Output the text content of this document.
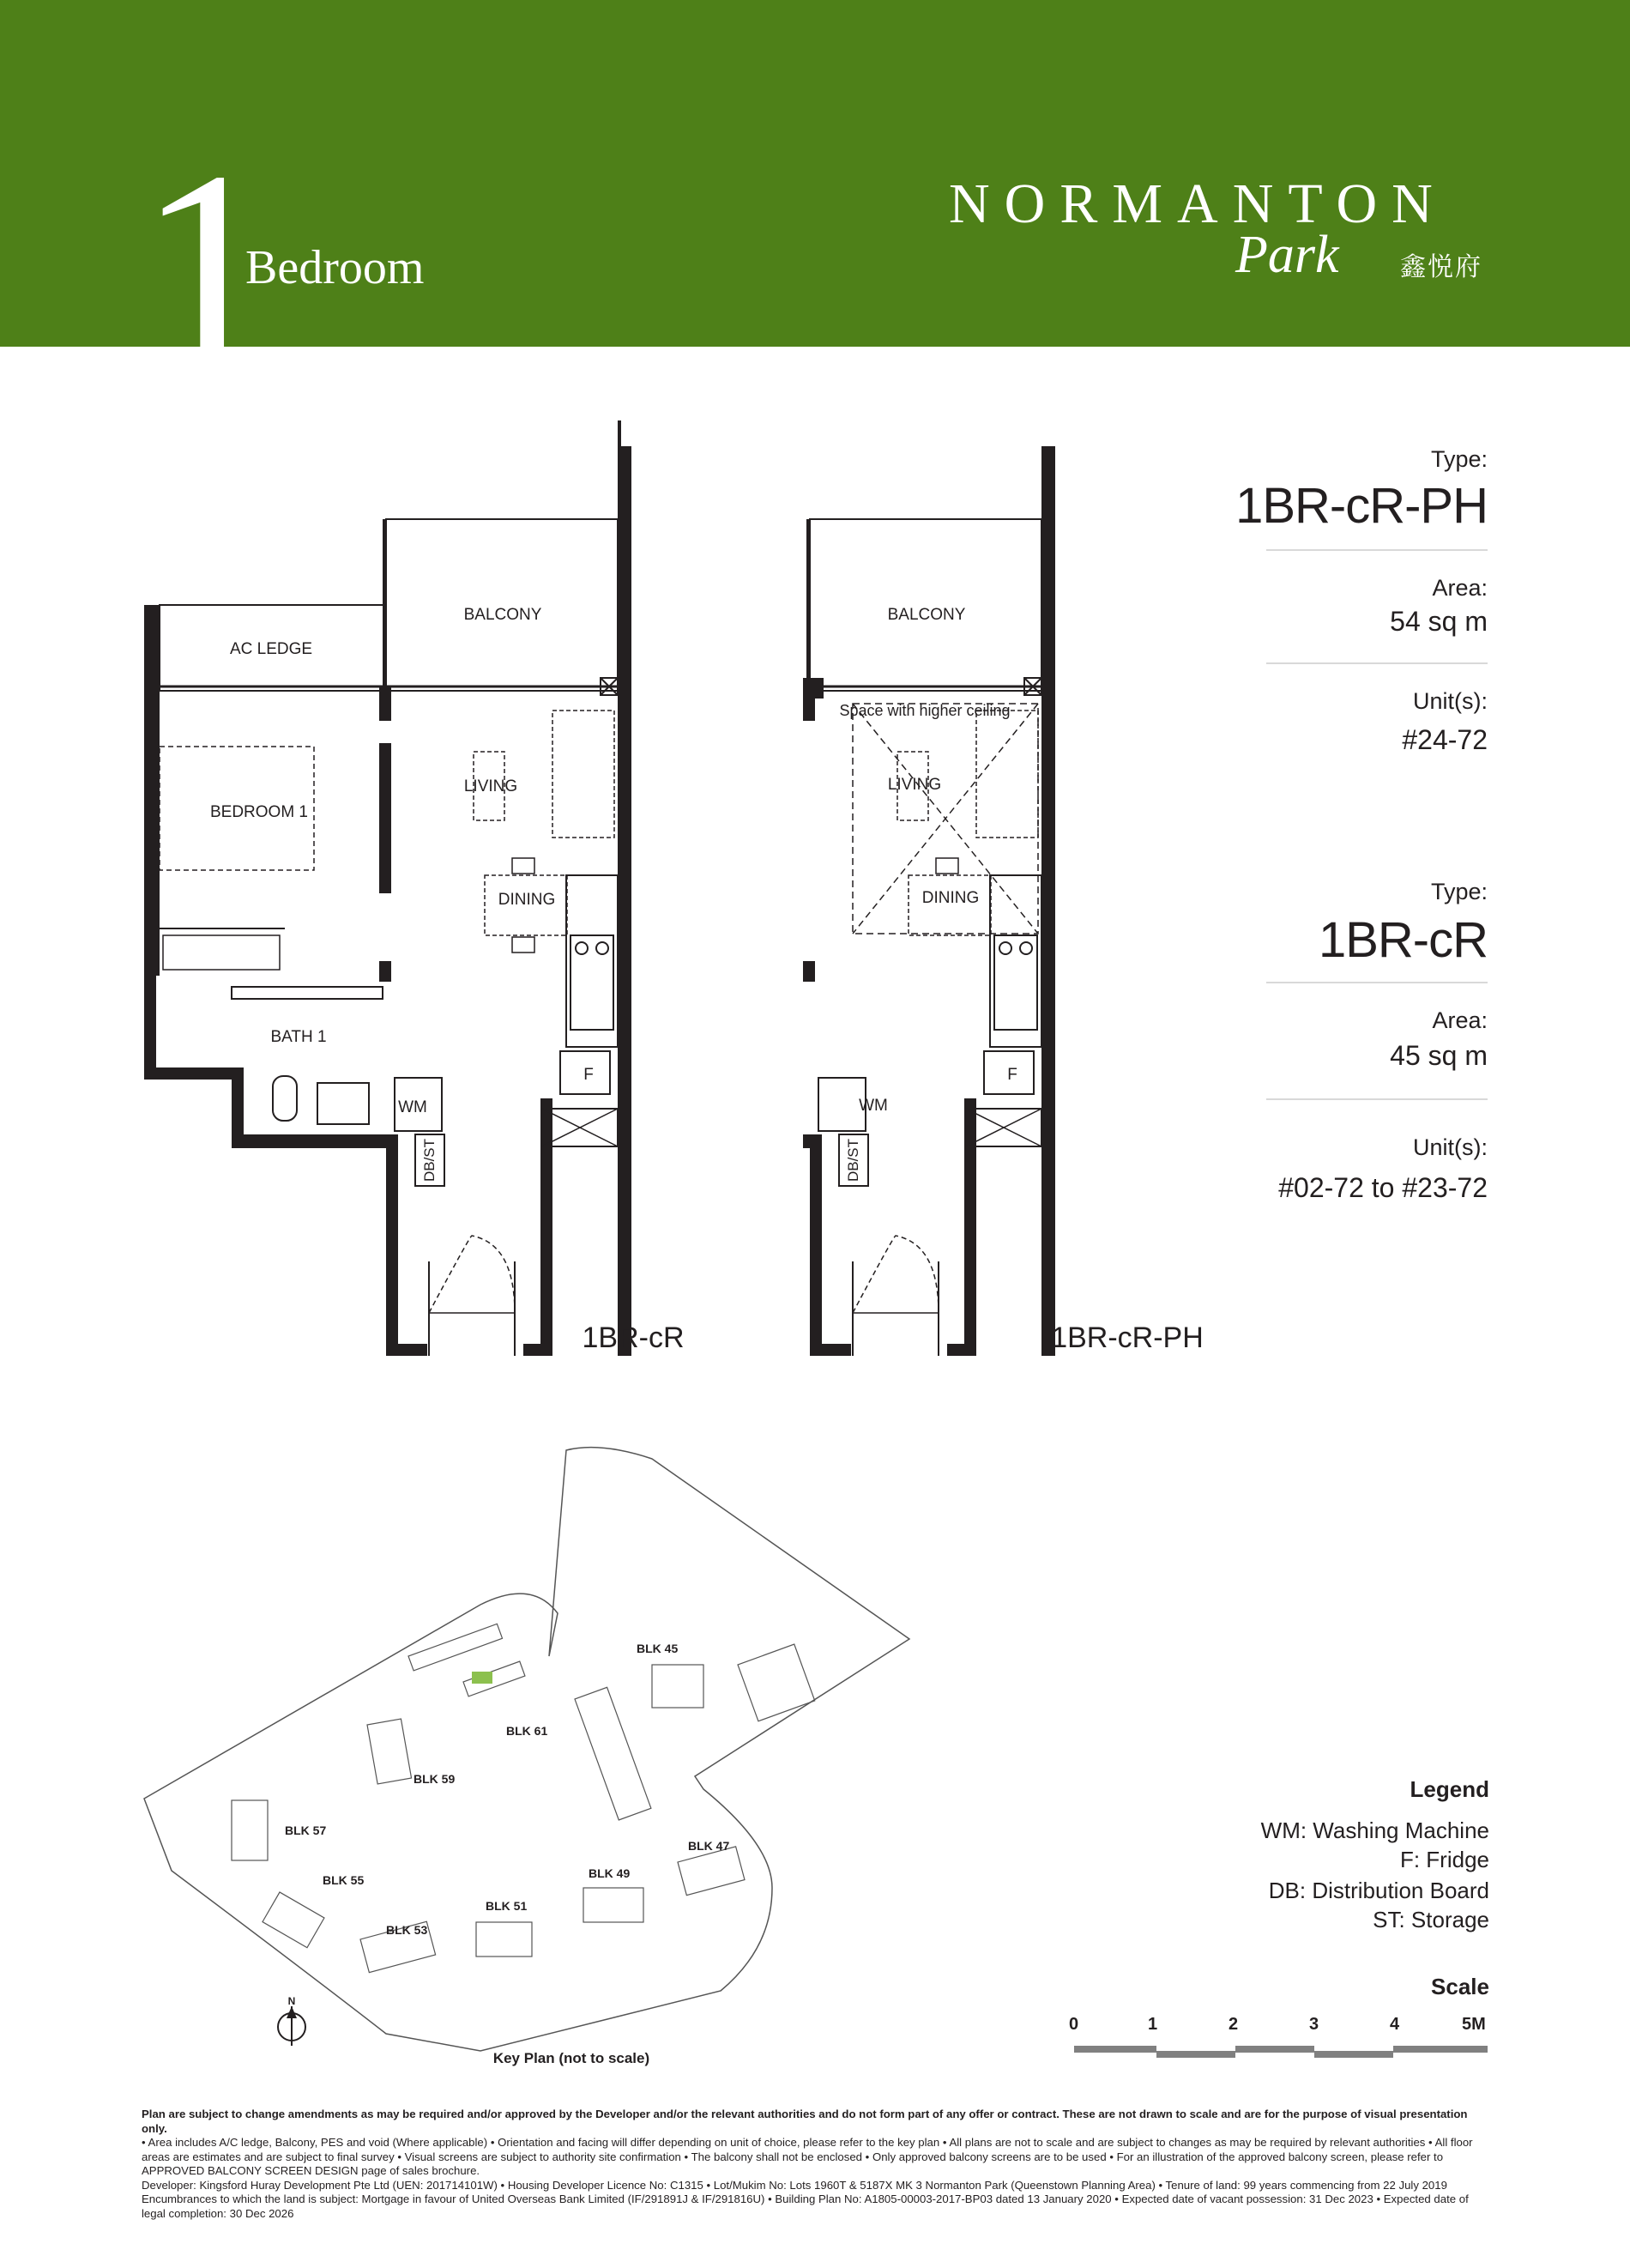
1
Bedroom
NORMANTON
Park 鑫悦府
Type:
1BR-cR-PH
Area:
54 sq m
Unit(s):
#24-72
Type:
1BR-cR
Area:
45 sq m
Unit(s):
#02-72 to #23-72
AC LEDGE
BALCONY
BEDROOM 1
LIVING
DINING
BATH 1
WM
DB/ST
F
1BR-cR
BALCONY
Space with higher ceiling
LIVING
DINING
WM
DB/ST
F
1BR-cR-PH
BLK 45
BLK 47
BLK 49
BLK 51
BLK 53
BLK 55
BLK 57
BLK 59
BLK 61
N
Key Plan (not to scale)
Legend
WM: Washing Machine
F: Fridge
DB: Distribution Board
ST: Storage
Scale
0	1	2	3	4	5M

Plan are subject to change amendments as may be required and/or approved by the Developer and/or the relevant authorities and do not form part of any offer or contract. These are not drawn to scale and are for the purpose of visual presentation only.

• Area includes A/C ledge, Balcony, PES and void (Where applicable) • Orientation and facing will differ depending on unit of choice, please refer to the key plan • All plans are not to scale and are subject to changes as may be required by relevant authorities • All floor areas are estimates and are subject to final survey • Visual screens are subject to authority site confirmation • The balcony shall not be enclosed • Only approved balcony screens are to be used • For an illustration of the approved balcony screen, please refer to APPROVED BALCONY SCREEN DESIGN page of sales brochure.

Developer: Kingsford Huray Development Pte Ltd (UEN: 201714101W) • Housing Developer Licence No: C1315 • Lot/Mukim No: Lots 1960T & 5187X MK 3 Normanton Park (Queenstown Planning Area) • Tenure of land: 99 years commencing from 22 July 2019 Encumbrances to which the land is subject: Mortgage in favour of United Overseas Bank Limited (IF/291891J & IF/291816U) • Building Plan No: A1805-00003-2017-BP03 dated 13 January 2020 • Expected date of vacant possession: 31 Dec 2023 • Expected date of legal completion: 30 Dec 2026
